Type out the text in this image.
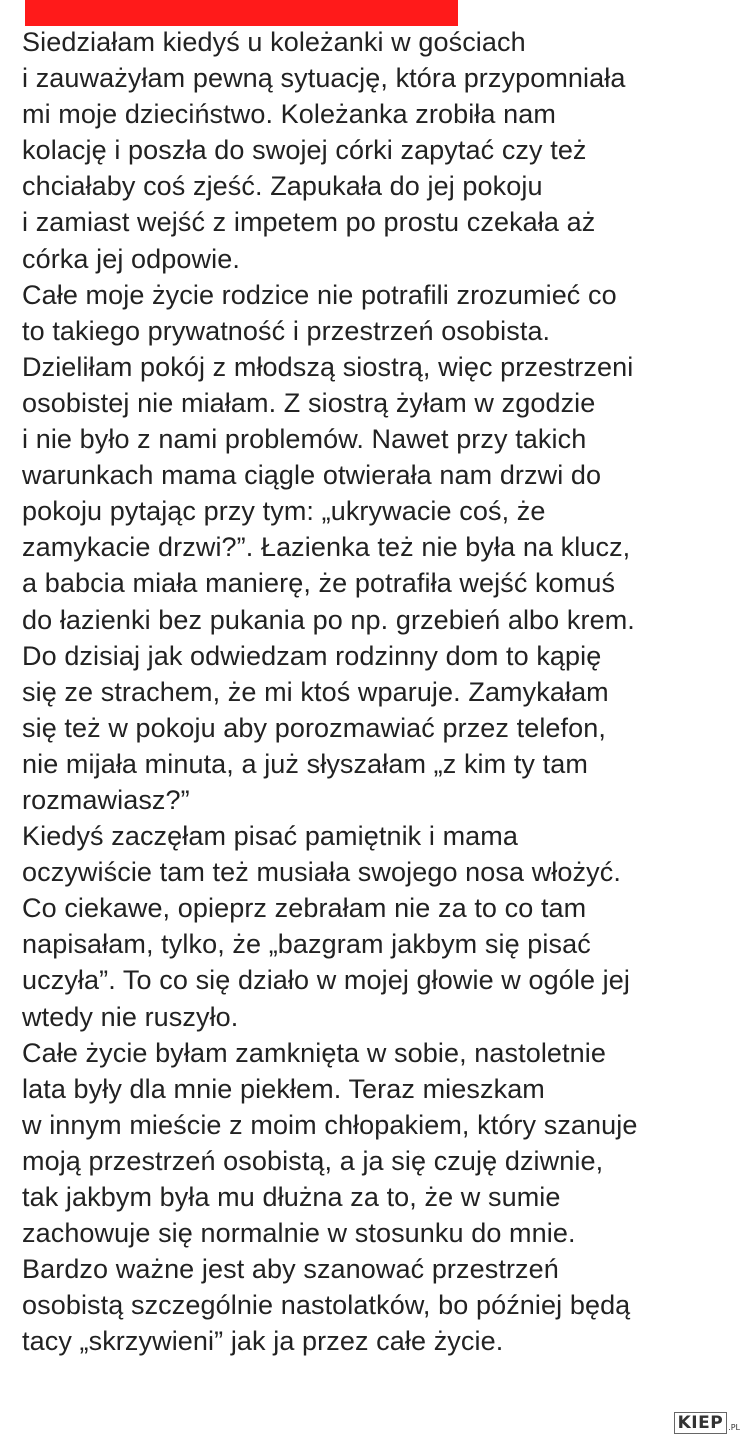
Siedziałam kiedyś u koleżanki w gościach
i zauważyłam pewną sytuację, która przypomniała
mi moje dzieciństwo. Koleżanka zrobiła nam
kolację i poszła do swojej córki zapytać czy też
chciałaby coś zjeść. Zapukała do jej pokoju
i zamiast wejść z impetem po prostu czekała aż
córka jej odpowie.
Całe moje życie rodzice nie potrafili zrozumieć co
to takiego prywatność i przestrzeń osobista.
Dzieliłam pokój z młodszą siostrą, więc przestrzeni
osobistej nie miałam. Z siostrą żyłam w zgodzie
i nie było z nami problemów. Nawet przy takich
warunkach mama ciągle otwierała nam drzwi do
pokoju pytając przy tym: „ukrywacie coś, że
zamykacie drzwi?”. Łazienka też nie była na klucz,
a babcia miała manierę, że potrafiła wejść komuś
do łazienki bez pukania po np. grzebień albo krem.
Do dzisiaj jak odwiedzam rodzinny dom to kąpię
się ze strachem, że mi ktoś wparuje. Zamykałam
się też w pokoju aby porozmawiać przez telefon,
nie mijała minuta, a już słyszałam „z kim ty tam
rozmawiasz?”
Kiedyś zaczęłam pisać pamiętnik i mama
oczywiście tam też musiała swojego nosa włożyć.
Co ciekawe, opieprz zebrałam nie za to co tam
napisałam, tylko, że „bazgram jakbym się pisać
uczyła”. To co się działo w mojej głowie w ogóle jej
wtedy nie ruszyło.
Całe życie byłam zamknięta w sobie, nastoletnie
lata były dla mnie piekłem. Teraz mieszkam
w innym mieście z moim chłopakiem, który szanuje
moją przestrzeń osobistą, a ja się czuję dziwnie,
tak jakbym była mu dłużna za to, że w sumie
zachowuje się normalnie w stosunku do mnie.
Bardzo ważne jest aby szanować przestrzeń
osobistą szczególnie nastolatków, bo później będą
tacy „skrzywieni” jak ja przez całe życie.
KIEP .PL
